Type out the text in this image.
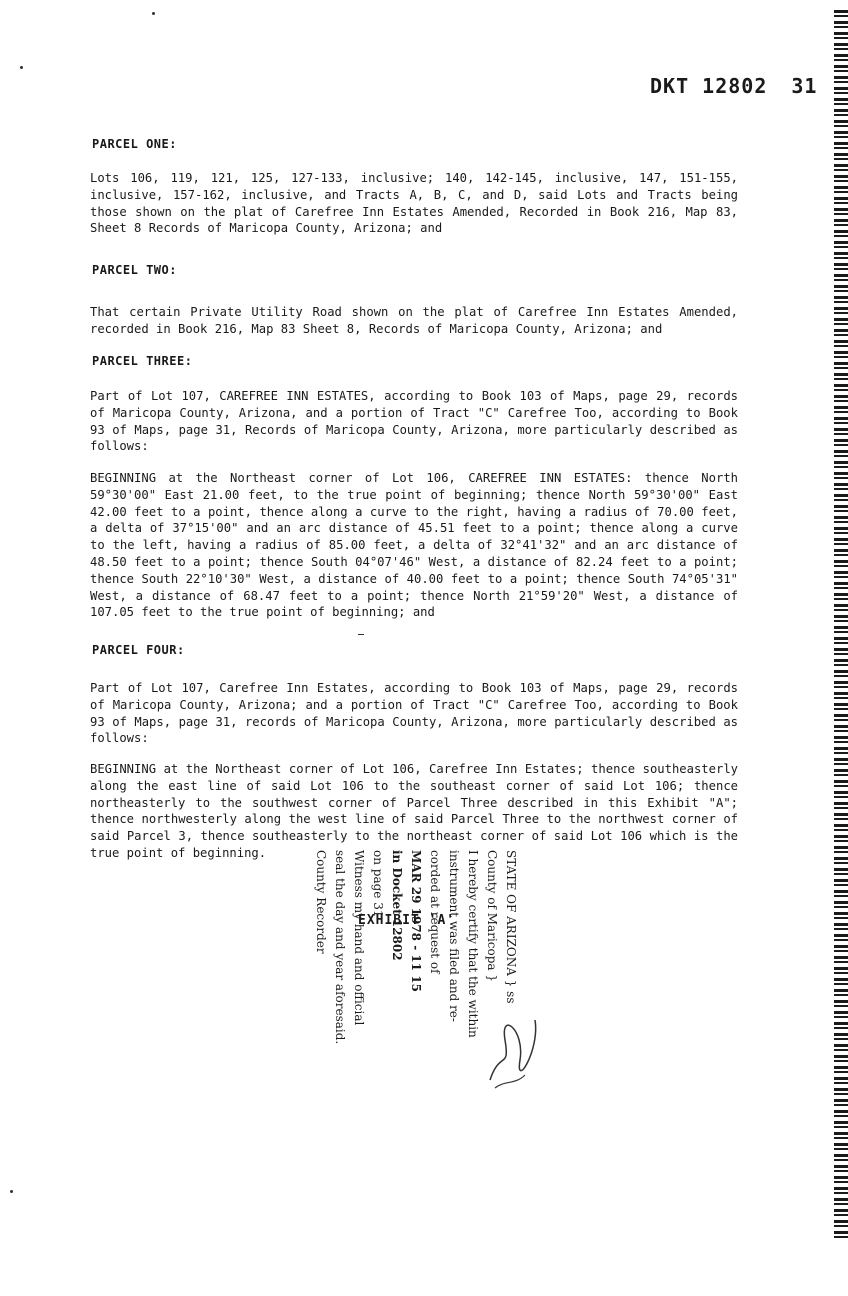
DKT 12802 31
PARCEL ONE:
Lots 106, 119, 121, 125, 127-133, inclusive; 140, 142-145, inclusive, 147, 151-155, inclusive, 157-162, inclusive, and Tracts A, B, C, and D, said Lots and Tracts being those shown on the plat of Carefree Inn Estates Amended, Recorded in Book 216, Map 83, Sheet 8 Records of Maricopa County, Arizona; and
PARCEL TWO:
That certain Private Utility Road shown on the plat of Carefree Inn Estates Amended, recorded in Book 216, Map 83 Sheet 8, Records of Maricopa County, Arizona; and
PARCEL THREE:
Part of Lot 107, CAREFREE INN ESTATES, according to Book 103 of Maps, page 29, records of Maricopa County, Arizona, and a portion of Tract "C" Carefree Too, according to Book 93 of Maps, page 31, Records of Maricopa County, Arizona, more particularly described as follows:
BEGINNING at the Northeast corner of Lot 106, CAREFREE INN ESTATES: thence North 59°30'00" East 21.00 feet, to the true point of beginning; thence North 59°30'00" East 42.00 feet to a point, thence along a curve to the right, having a radius of 70.00 feet, a delta of 37°15'00" and an arc distance of 45.51 feet to a point; thence along a curve to the left, having a radius of 85.00 feet, a delta of 32°41'32" and an arc distance of 48.50 feet to a point; thence South 04°07'46" West, a distance of 82.24 feet to a point; thence South 22°10'30" West, a distance of 40.00 feet to a point; thence South 74°05'31" West, a distance of 68.47 feet to a point; thence North 21°59'20" West, a distance of 107.05 feet to the true point of beginning; and
PARCEL FOUR:
Part of Lot 107, Carefree Inn Estates, according to Book 103 of Maps, page 29, records of Maricopa County, Arizona; and a portion of Tract "C" Carefree Too, according to Book 93 of Maps, page 31, records of Maricopa County, Arizona, more particularly described as follows:
BEGINNING at the Northeast corner of Lot 106, Carefree Inn Estates; thence southeasterly along the east line of said Lot 106 to the southeast corner of said Lot 106; thence northeasterly to the southwest corner of Parcel Three described in this Exhibit "A"; thence northwesterly along the west line of said Parcel Three to the northwest corner of said Parcel 3, thence southeasterly to the northeast corner of said Lot 106 which is the true point of beginning.
EXHIBIT 'A'	STATE OF ARIZONA } ss
County of Maricopa }
I hereby certify that the within
instrument was filed and re-
corded at request of
MAR 29 1978 - 11 15
in Docket 12802
on page 31
Witness my hand and official
seal the day and year aforesaid.
County Recorder
